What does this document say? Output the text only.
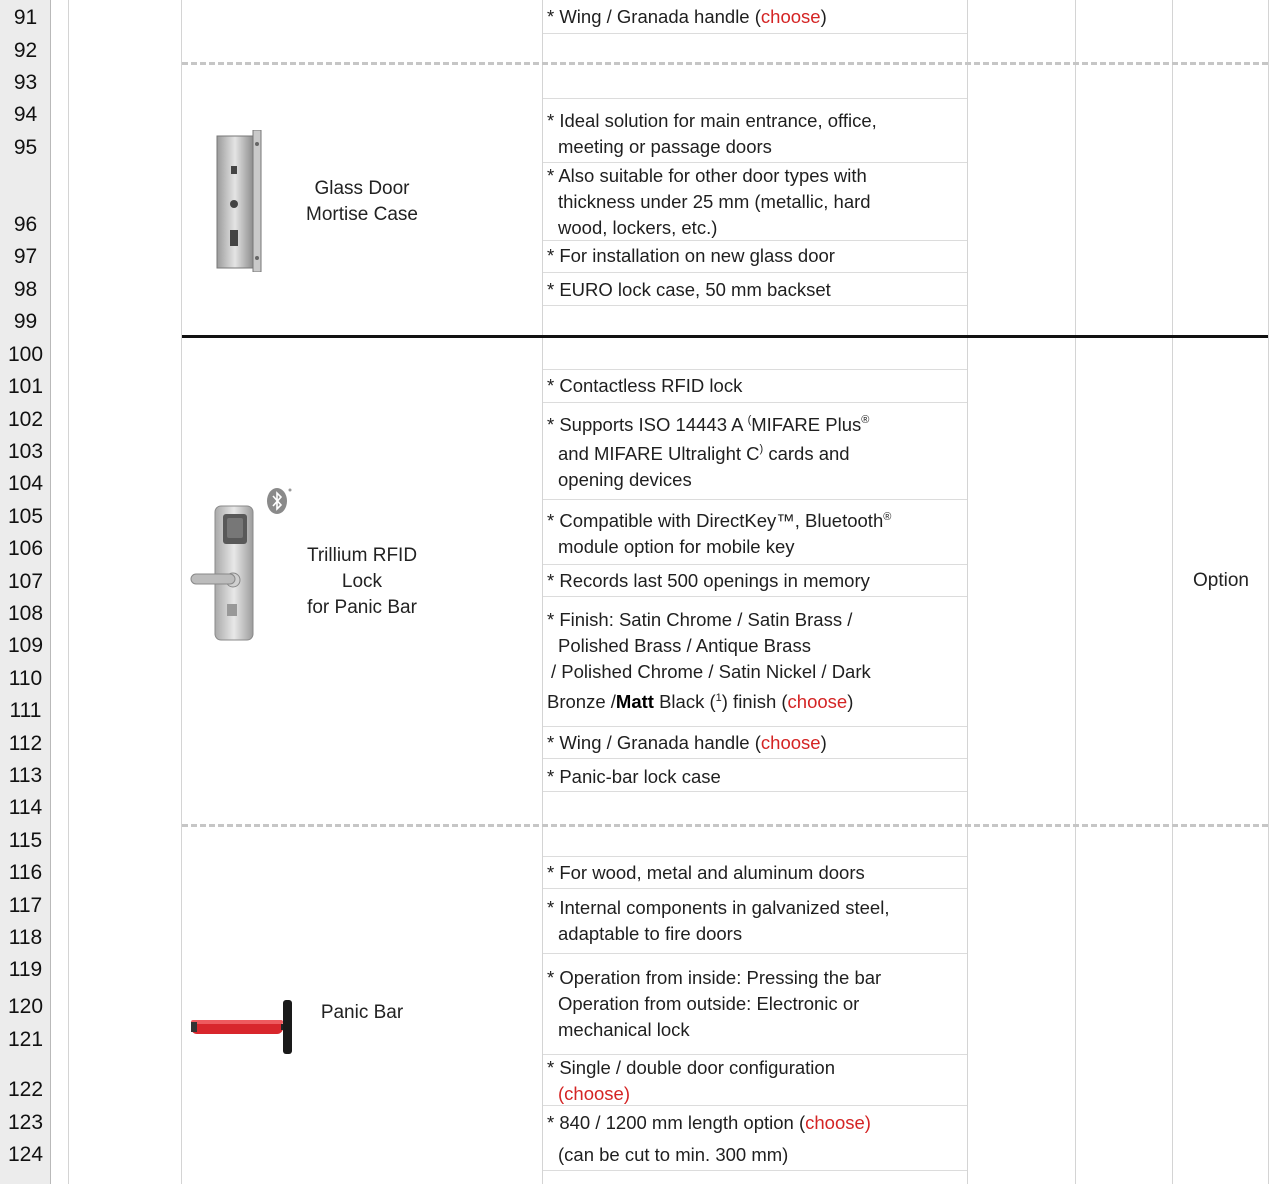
91
92
93
94
95
96
97
98
99
100
101
102
103
104
105
106
107
108
109
110
111
112
113
114
115
116
117
118
119
120
121
122
123
124
* Wing / Granada handle (choose)
Glass Door
Mortise Case
* Ideal solution for main entrance, office,
meeting or passage doors
* Also suitable for other door types with
thickness under 25 mm (metallic, hard
wood, lockers, etc.)
* For installation on new glass door
* EURO lock case, 50 mm backset
Trillium RFID
Lock
for Panic Bar
Option
* Contactless RFID lock
* Supports ISO 14443 A (MIFARE Plus®
and MIFARE Ultralight C) cards and
opening devices
* Compatible with DirectKey™, Bluetooth®
module option for mobile key
* Records last 500 openings in memory
* Finish: Satin Chrome / Satin Brass /
Polished Brass / Antique Brass
/ Polished Chrome / Satin Nickel / Dark
Bronze /Matt Black ($^1$) finish (choose)
* Wing / Granada handle (choose)
* Panic-bar lock case
Panic Bar
* For wood, metal and aluminum doors
* Internal components in galvanized steel,
adaptable to fire doors
* Operation from inside: Pressing the bar
Operation from outside: Electronic or
mechanical lock
* Single / double door configuration
(choose)
* 840 / 1200 mm length option (choose)
(can be cut to min. 300 mm)
